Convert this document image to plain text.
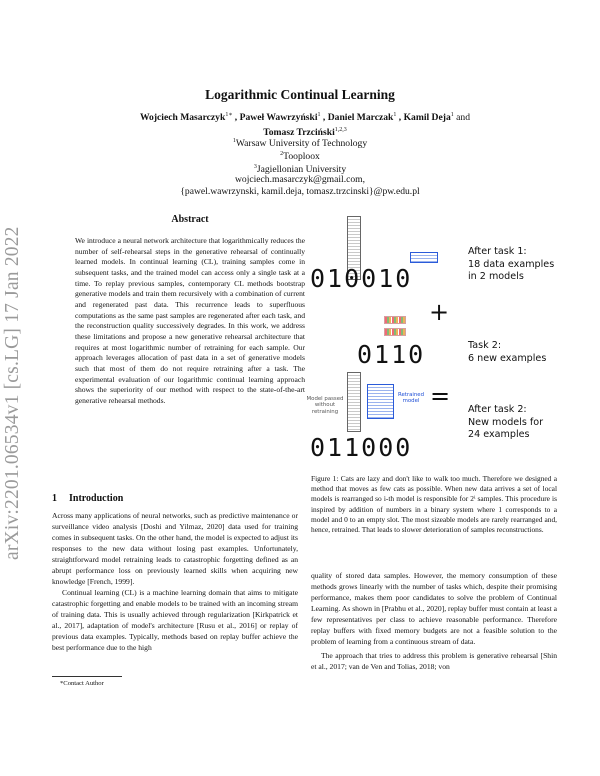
arXiv:2201.06534v1 [cs.LG] 17 Jan 2022
Logarithmic Continual Learning
Wojciech Masarczyk$^{1∗}$ , Paweł Wawrzyński$^1$ , Daniel Marczak$^1$ , Kamil Deja$^1$ and
Tomasz Trzciński$^{1,2,3}$
$^1$Warsaw University of Technology
$^2$Tooploox
$^3$Jagiellonian University
wojciech.masarczyk@gmail.com,
{pawel.wawrzynski, kamil.deja, tomasz.trzcinski}@pw.edu.pl
Abstract

We introduce a neural network architecture that logarithmically reduces the number of self-rehearsal steps in the generative rehearsal of continually learned models. In continual learning (CL), training samples come in subsequent tasks, and the trained model can access only a single task at a time. To replay previous samples, contemporary CL methods bootstrap generative models and train them recursively with a combination of current and regenerated past data. This recurrence leads to superfluous computations as the same past samples are regenerated after each task, and the reconstruction quality successively degrades. In this work, we address these limitations and propose a new generative rehearsal architecture that requires at most logarithmic number of retraining for each sample. Our approach leverages allocation of past data in a set of generative models such that most of them do not require retraining after a task. The experimental evaluation of our logarithmic continual learning approach shows the superiority of our method with respect to the state-of-the-art generative rehearsal methods.

1 Introduction

Across many applications of neural networks, such as predictive maintenance or surveillance video analysis [Doshi and Yilmaz, 2020] data used for training comes in subsequent tasks. On the other hand, the model is expected to adjust its responses to the new data without losing past examples. Unfortunately, straightforward model retraining leads to catastrophic forgetting defined as an abrupt performance loss on previously learned skills when acquiring new knowledge [French, 1999].

Continual learning (CL) is a machine learning domain that aims to mitigate catastrophic forgetting and enable models to be trained with an incoming stream of training data. This is usually achieved through regularization [Kirkpatrick et al., 2017], adaptation of model's architecture [Rusu et al., 2016] or replay of previous data examples. Typically, methods based on replay buffer achieve the best performance due to the high

*Contact Author

quality of stored data samples. However, the memory consumption of these methods grows linearly with the number of tasks which, despite their promising performance, makes them poor candidates to solve the problem of Continual Learning. As shown in [Prabhu et al., 2020], replay buffer must contain at least a few representatives per class to achieve reasonable performance. Therefore replay buffers with fixed memory budgets are not a feasible solution to the problem of learning from a continuous stream of data.

The approach that tries to address this problem is generative rehearsal [Shin et al., 2017; van de Ven and Tolias, 2018; von

010010
+
0110
Model passed without retraining
Retrained model =
011000
After task 1:
18 data examples
in 2 models
Task 2:
6 new examples
After task 2:
New models for
24 examples

Figure 1: Cats are lazy and don't like to walk too much. Therefore we designed a method that moves as few cats as possible. When new data arrives a set of local models is rearranged so i-th model is responsible for 2ⁱ samples. This procedure is inspired by addition of numbers in a binary system where 1 corresponds to a model and 0 to an empty slot. The most sizeable models are rarely rearranged and, hence, retrained. That leads to slower deterioration of samples reconstructions.
